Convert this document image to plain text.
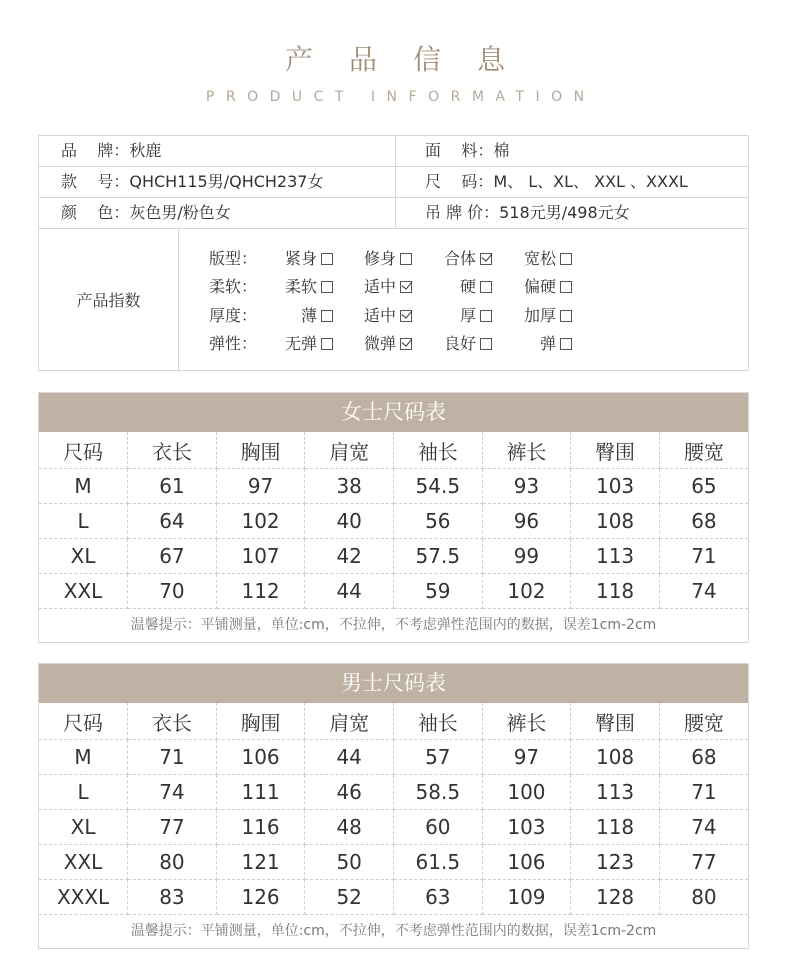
产品信息
PRODUCT INFORMATION
品    牌：秋鹿	面    料：棉
款    号：QHCH115男/QHCH237女	尺    码：M、 L、XL、 XXL 、XXXL
颜    色：灰色男/粉色女	吊 牌 价：518元男/498元女
产品指数
版型：	紧身	修身	合体	宽松
柔软：	柔软	适中	硬	偏硬
厚度：	薄	适中	厚	加厚
弹性：	无弹	微弹	良好	弹
女士尺码表
尺码	衣长	胸围	肩宽	袖长	裤长	臀围	腰宽
M	61	97	38	54.5	93	103	65
L	64	102	40	56	96	108	68
XL	67	107	42	57.5	99	113	71
XXL	70	112	44	59	102	118	74
温馨提示：平铺测量，单位:cm，不拉伸，不考虑弹性范围内的数据，误差1cm-2cm
男士尺码表
尺码	衣长	胸围	肩宽	袖长	裤长	臀围	腰宽
M	71	106	44	57	97	108	68
L	74	111	46	58.5	100	113	71
XL	77	116	48	60	103	118	74
XXL	80	121	50	61.5	106	123	77
XXXL	83	126	52	63	109	128	80
温馨提示：平铺测量，单位:cm，不拉伸，不考虑弹性范围内的数据，误差1cm-2cm
